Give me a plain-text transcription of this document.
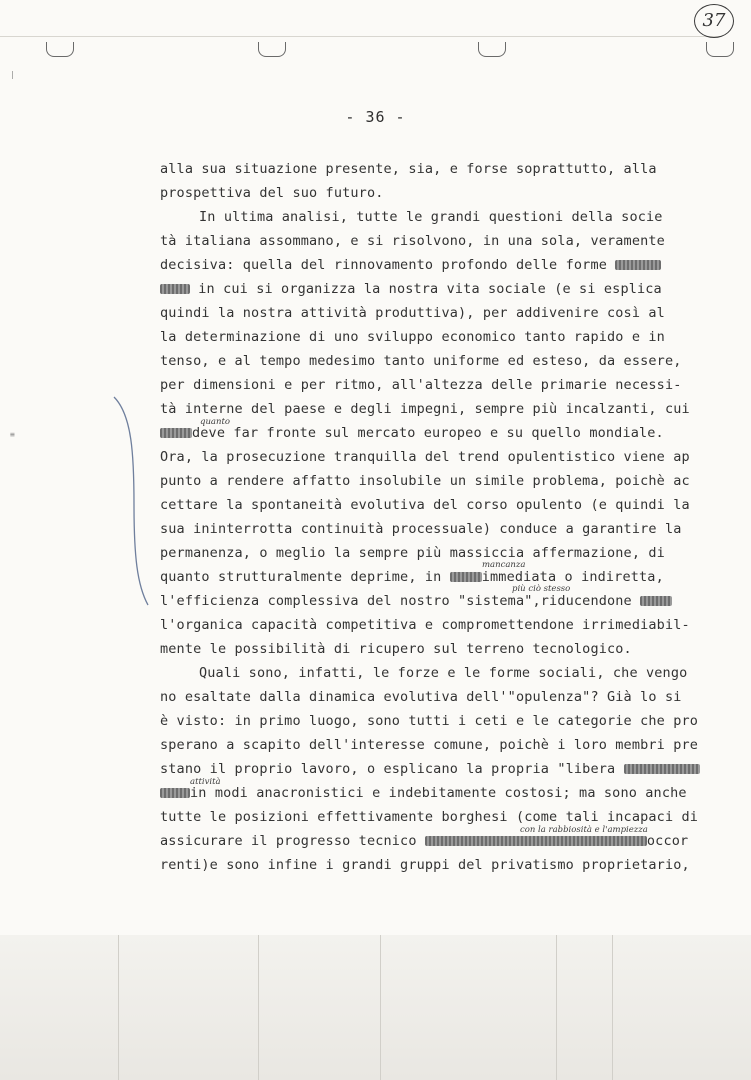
|
≡
37
- 36 -
alla sua situazione presente, sia, e forse soprattutto, alla
prospettiva del suo futuro.
In ultima analisi, tutte le grandi questioni della socie
tà italiana assommano, e si risolvono, in una sola, veramente
decisiva: quella del rinnovamento profondo delle forme
in cui si organizza la nostra vita sociale (e si esplica
quindi la nostra attività produttiva), per addivenire così al
la determinazione di uno sviluppo economico tanto rapido e in
tenso, e al tempo medesimo tanto uniforme ed esteso, da essere,
per dimensioni e per ritmo, all'altezza delle primarie necessi-
tà interne del paese e degli impegni, sempre più incalzanti, cui
quanto
deve far fronte sul mercato europeo e su quello mondiale.
Ora, la prosecuzione tranquilla del trend opulentistico viene ap
punto a rendere affatto insolubile un simile problema, poichè ac
cettare la spontaneità evolutiva del corso opulento (e quindi la
sua ininterrotta continuità processuale) conduce a garantire la
permanenza, o meglio la sempre più massiccia affermazione, di
mancanza
quanto strutturalmente deprime, in	immediata o indiretta,
più ciò stesso
l'efficienza complessiva del nostro "sistema",riducendone
l'organica capacità competitiva e compromettendone irrimediabil-
mente le possibilità di ricupero sul terreno tecnologico.
Quali sono, infatti, le forze e le forme sociali, che vengo
no esaltate dalla dinamica evolutiva dell'"opulenza"? Già lo si
è visto: in primo luogo, sono tutti i ceti e le categorie che pro
sperano a scapito dell'interesse comune, poichè i loro membri pre
stano il proprio lavoro, o esplicano la propria "libera
attività
in modi anacronistici e indebitamente costosi; ma sono anche
tutte le posizioni effettivamente borghesi (come tali incapaci di
con la rabbiosità e l'ampiezza
assicurare il progresso tecnico	occor
renti)e sono infine i grandi gruppi del privatismo proprietario,
